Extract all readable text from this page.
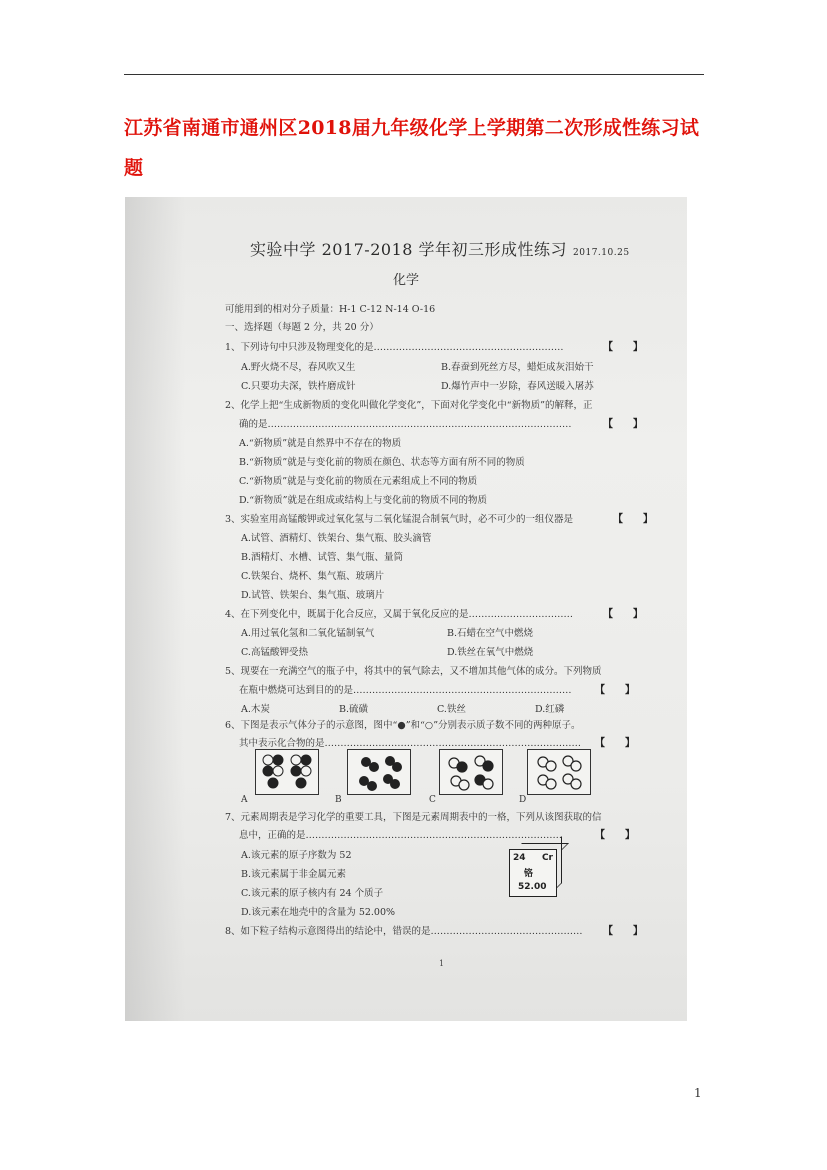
江苏省南通市通州区2018届九年级化学上学期第二次形成性练习试题
实验中学 2017-2018 学年初三形成性练习 2017.10.25
化学
可能用到的相对分子质量：H-1 C-12 N-14 O-16
一、选择题（每题 2 分，共 20 分）
1、下列诗句中只涉及物理变化的是……………………………………………………	【　　】
A.野火烧不尽，春风吹又生	B.春蚕到死丝方尽，蜡炬成灰泪始干
C.只要功夫深，铁杵磨成针	D.爆竹声中一岁除，春风送暖入屠苏
2、化学上把“生成新物质的变化叫做化学变化”，下面对化学变化中“新物质”的解释，正
确的是……………………………………………………………………………………	【　　】
A.“新物质”就是自然界中不存在的物质
B.“新物质”就是与变化前的物质在颜色、状态等方面有所不同的物质
C.“新物质”就是与变化前的物质在元素组成上不同的物质
D.“新物质”就是在组成或结构上与变化前的物质不同的物质
3、实验室用高锰酸钾或过氧化氢与二氧化锰混合制氧气时，必不可少的一组仪器是	【　　】
A.试管、酒精灯、铁架台、集气瓶、胶头滴管
B.酒精灯、水槽、试管、集气瓶、量筒
C.铁架台、烧杯、集气瓶、玻璃片
D.试管、铁架台、集气瓶、玻璃片
4、在下列变化中，既属于化合反应，又属于氧化反应的是……………………………	【　　】
A.用过氧化氢和二氧化锰制氧气	B.石蜡在空气中燃烧
C.高锰酸钾受热	D.铁丝在氧气中燃烧
5、现要在一充满空气的瓶子中，将其中的氧气除去，又不增加其他气体的成分。下列物质
在瓶中燃烧可达到目的的是…………………………………………………………… 【　　】
A.木炭	B.硫磺	C.铁丝	D.红磷
6、下图是表示气体分子的示意图，图中“●”和“○”分别表示质子数不同的两种原子。
其中表示化合物的是……………………………………………………………………… 【　　】
A	B	C	D
7、元素周期表是学习化学的重要工具，下图是元素周期表中的一格，下列从该图获取的信
息中，正确的是………………………………………………………………………	【　　】
A.该元素的原子序数为 52
B.该元素属于非金属元素
C.该元素的原子核内有 24 个质子
D.该元素在地壳中的含量为 52.00%
24 Cr
铬
52.00
8、如下粒子结构示意图得出的结论中，错误的是………………………………………… 【　　】
1
1
